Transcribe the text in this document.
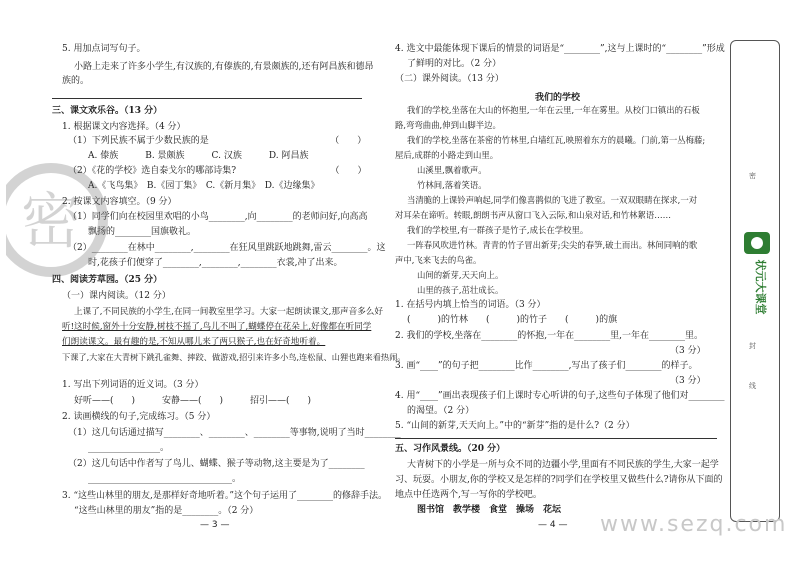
5. 用加点词写句子。
小路上走来了许多小学生,有汉族的,有傣族的,有景颇族的,还有阿昌族和德昂
族的。
三、课文欢乐谷。（13 分）
1. 根据课文内容选择。（4 分）
（1）下列民族不属于少数民族的是　　　　　　　　　　　　　　（　　）
A. 傣族　　　B. 景颇族　　　C. 汉族　　　D. 阿昌族
（2）《花的学校》选自泰戈尔的哪部诗集?　　　　　　　　　　　（　　）
A.《飞鸟集》　B.《园丁集》　C.《新月集》　D.《边缘集》
2. 按课文内容填空。（9 分）
（1）同学们向在校园里欢唱的小鸟________,向________的老师问好,向高高
飘扬的________国旗敬礼。
（2）________在林中________,________在狂风里跳跃地跳舞,雷云________。这
时,花孩子们便穿了________,________,________衣裳,冲了出来。
四、阅读芳草园。（25 分）
（一）课内阅读。（12 分）
上课了,不同民族的小学生,在同一间教室里学习。大家一起朗读课文,那声音多么好
听!这时候,窗外十分安静,树枝不摇了,鸟儿不叫了,蝴蝶停在花朵上,好像都在听同学
们朗读课文。最有趣的是,不知从哪儿来了两只猴子,也在好奇地听着。
下课了,大家在大青树下跳孔雀舞、摔跤、做游戏,招引来许多小鸟,连松鼠、山狸也跑来看热闹。
1. 写出下列词语的近义词。（3 分）
好听——(　　)　　　安静——(　　)　　　招引——(　　)
2. 读画横线的句子,完成练习。（5 分）
（1）这几句话通过描写________、________、________等事物,说明了当时________
________________。
（2）这几句话中作者写了鸟儿、蝴蝶、猴子等动物,这主要是为了________
________________________________。
3. “这些山林里的朋友,是那样好奇地听着。”这个句子运用了________的修辞手法。
“这些山林里的朋友”指的是________。（2 分）
— 3 —
4. 选文中最能体现下课后的情景的词语是“________”,这与上课时的“________”形成
了鲜明的对比。（2 分）
（二）课外阅读。（13 分）
我们的学校
我们的学校,坐落在大山的怀抱里,一年在云里,一年在雾里。从校门口镇出的石板
路,弯弯曲曲,伸到山脚半边。
我们的学校,坐落在茶密的竹林里,白墙红瓦,映照着东方的晨曦。门前,第一丛梅藤;
屋后,成群的小路走到山里。
山溪里,飘着歌声。
竹林间,落着笑语。
当清脆的上课铃声响起,同学们像喜鹊似的飞进了教室。一双双眼睛在探求,一对
对耳朵在谛听。转眼,朗朗书声从窗口飞入云际,和山泉对话,和竹林絮语……
我们的学校里,有一群孩子是竹子,成长在学校里。
一阵春风吹进竹林。青青的竹子冒出新芽;尖尖的春笋,破土而出。林间同响的歌
声中,飞来飞去的鸟雀。
山间的新芽,天天向上。
山里的孩子,茁壮成长。
1. 在括号内填上恰当的词语。（3 分）
(　　　)的竹林　　(　　　)的竹子　　(　　　)的旗
2. 我们的学校,坐落在________的怀抱,一年在________里,一年在________里。
（3 分）
3. 画“____”的句子把________比作________,写出了孩子们________的样子。
（3 分）
4. 用“____”画出表现孩子们上课时专心听讲的句子,这些句子体现了他们对________
的渴望。（2 分）
5. “山间的新芽,天天向上。”中的“新芽”指的是什么?（2 分）
五、习作风景线。（20 分）
大青树下的小学是一所与众不同的边疆小学,里面有不同民族的学生,大家一起学
习、玩耍。小朋友,你的学校又是怎样的?同学们在学校里又做些什么?请你从下面的
地点中任选两个,写一写你的学校吧。
图书馆　教学楼　食堂　操场　花坛
— 4 —
密
封
线
状元大课堂
密
www.sezq.com
